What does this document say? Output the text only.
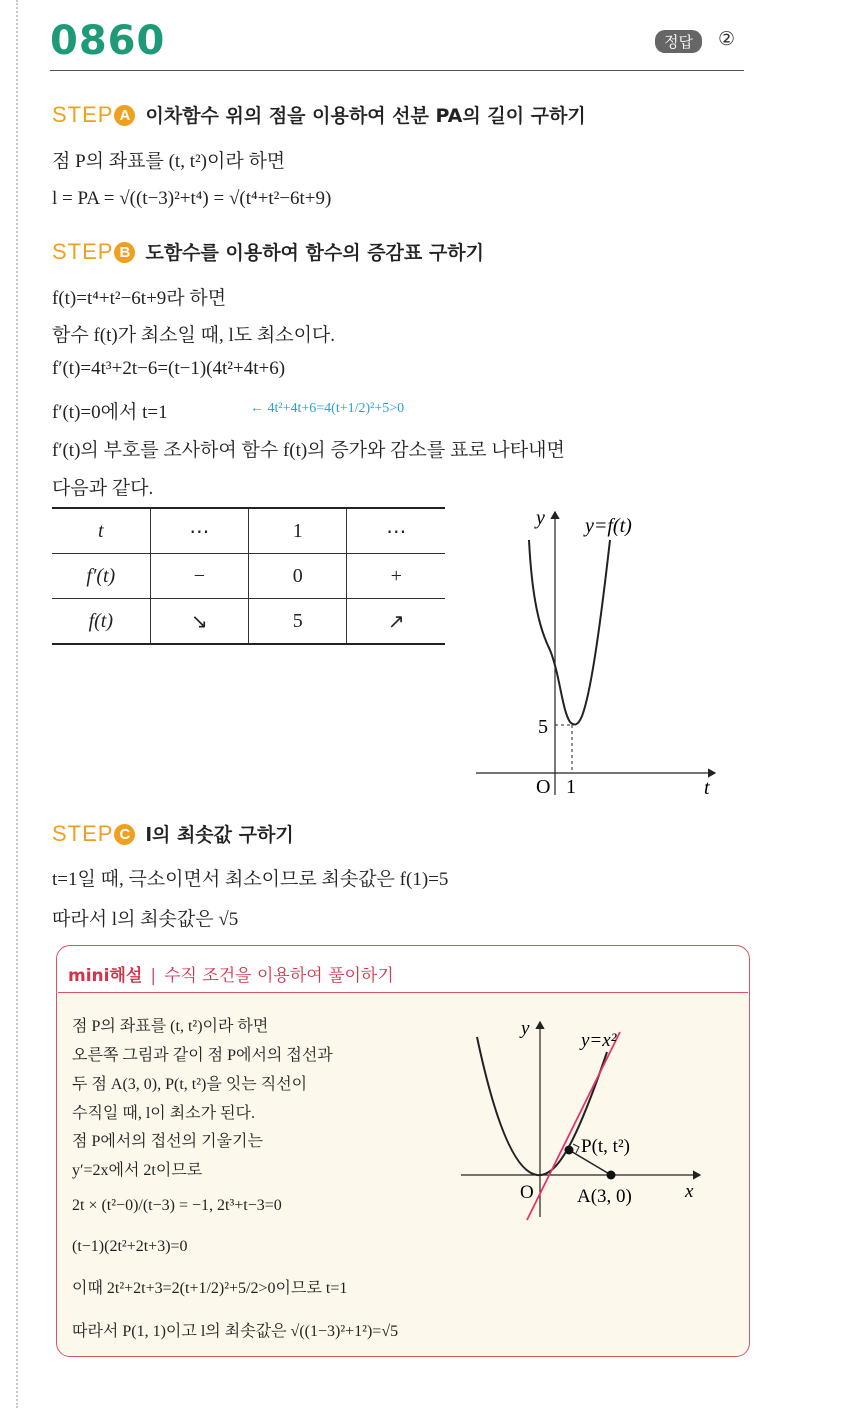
0860	정답	②
STEP A 이차함수 위의 점을 이용하여 선분 PA의 길이 구하기
점 P의 좌표를 (t, t²)이라 하면
l = PA = √((t−3)²+t⁴) = √(t⁴+t²−6t+9)
STEP B 도함수를 이용하여 함수의 증감표 구하기
f(t)=t⁴+t²−6t+9라 하면
함수 f(t)가 최소일 때, l도 최소이다.
f′(t)=4t³+2t−6=(t−1)(4t²+4t+6)
f′(t)=0에서 t=1	← 4t²+4t+6=4(t+1/2)²+5>0
f′(t)의 부호를 조사하여 함수 f(t)의 증가와 감소를 표로 나타내면
다음과 같다.
t	⋯	1	⋯
f′(t)	−	0	+
f(t)	↘	5	↗
y y=f(t)
t
O 1
5
STEP C l의 최솟값 구하기
t=1일 때, 극소이면서 최소이므로 최솟값은 f(1)=5
따라서 l의 최솟값은 √5
mini해설 | 수직 조건을 이용하여 풀이하기
점 P의 좌표를 (t, t²)이라 하면
오른쪽 그림과 같이 점 P에서의 접선과
두 점 A(3, 0), P(t, t²)을 잇는 직선이
수직일 때, l이 최소가 된다.
점 P에서의 접선의 기울기는
y′=2x에서 2t이므로
2t × (t²−0)/(t−3) = −1, 2t³+t−3=0
(t−1)(2t²+2t+3)=0
이때 2t²+2t+3=2(t+1/2)²+5/2>0이므로 t=1
따라서 P(1, 1)이고 l의 최솟값은 √((1−3)²+1²)=√5
y
y=x²
x
O
P(t, t²)
A(3, 0)
